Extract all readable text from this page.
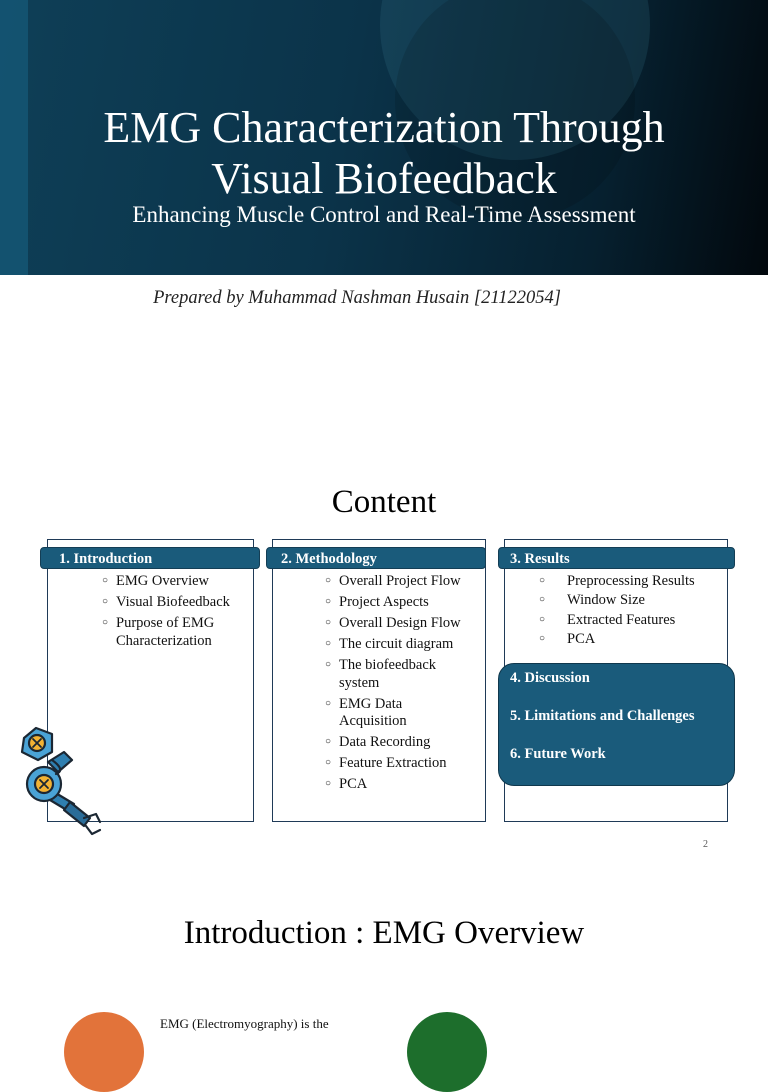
EMG Characterization Through
Visual Biofeedback
Enhancing Muscle Control and Real-Time Assessment
Prepared by Muhammad Nashman Husain [21122054]
Content
1. Introduction	2. Methodology	3. Results
○ EMG Overview
○ Visual Biofeedback
○ Purpose of EMG Characterization
○ Overall Project Flow
○ Project Aspects
○ Overall Design Flow
○ The circuit diagram
○ The biofeedback system
○ EMG Data Acquisition
○ Data Recording
○ Feature Extraction
○ PCA
○ Preprocessing Results
○ Window Size
○ Extracted Features
○ PCA
4. Discussion
5. Limitations and Challenges
6. Future Work
2
Introduction : EMG Overview
EMG (Electromyography) is the
